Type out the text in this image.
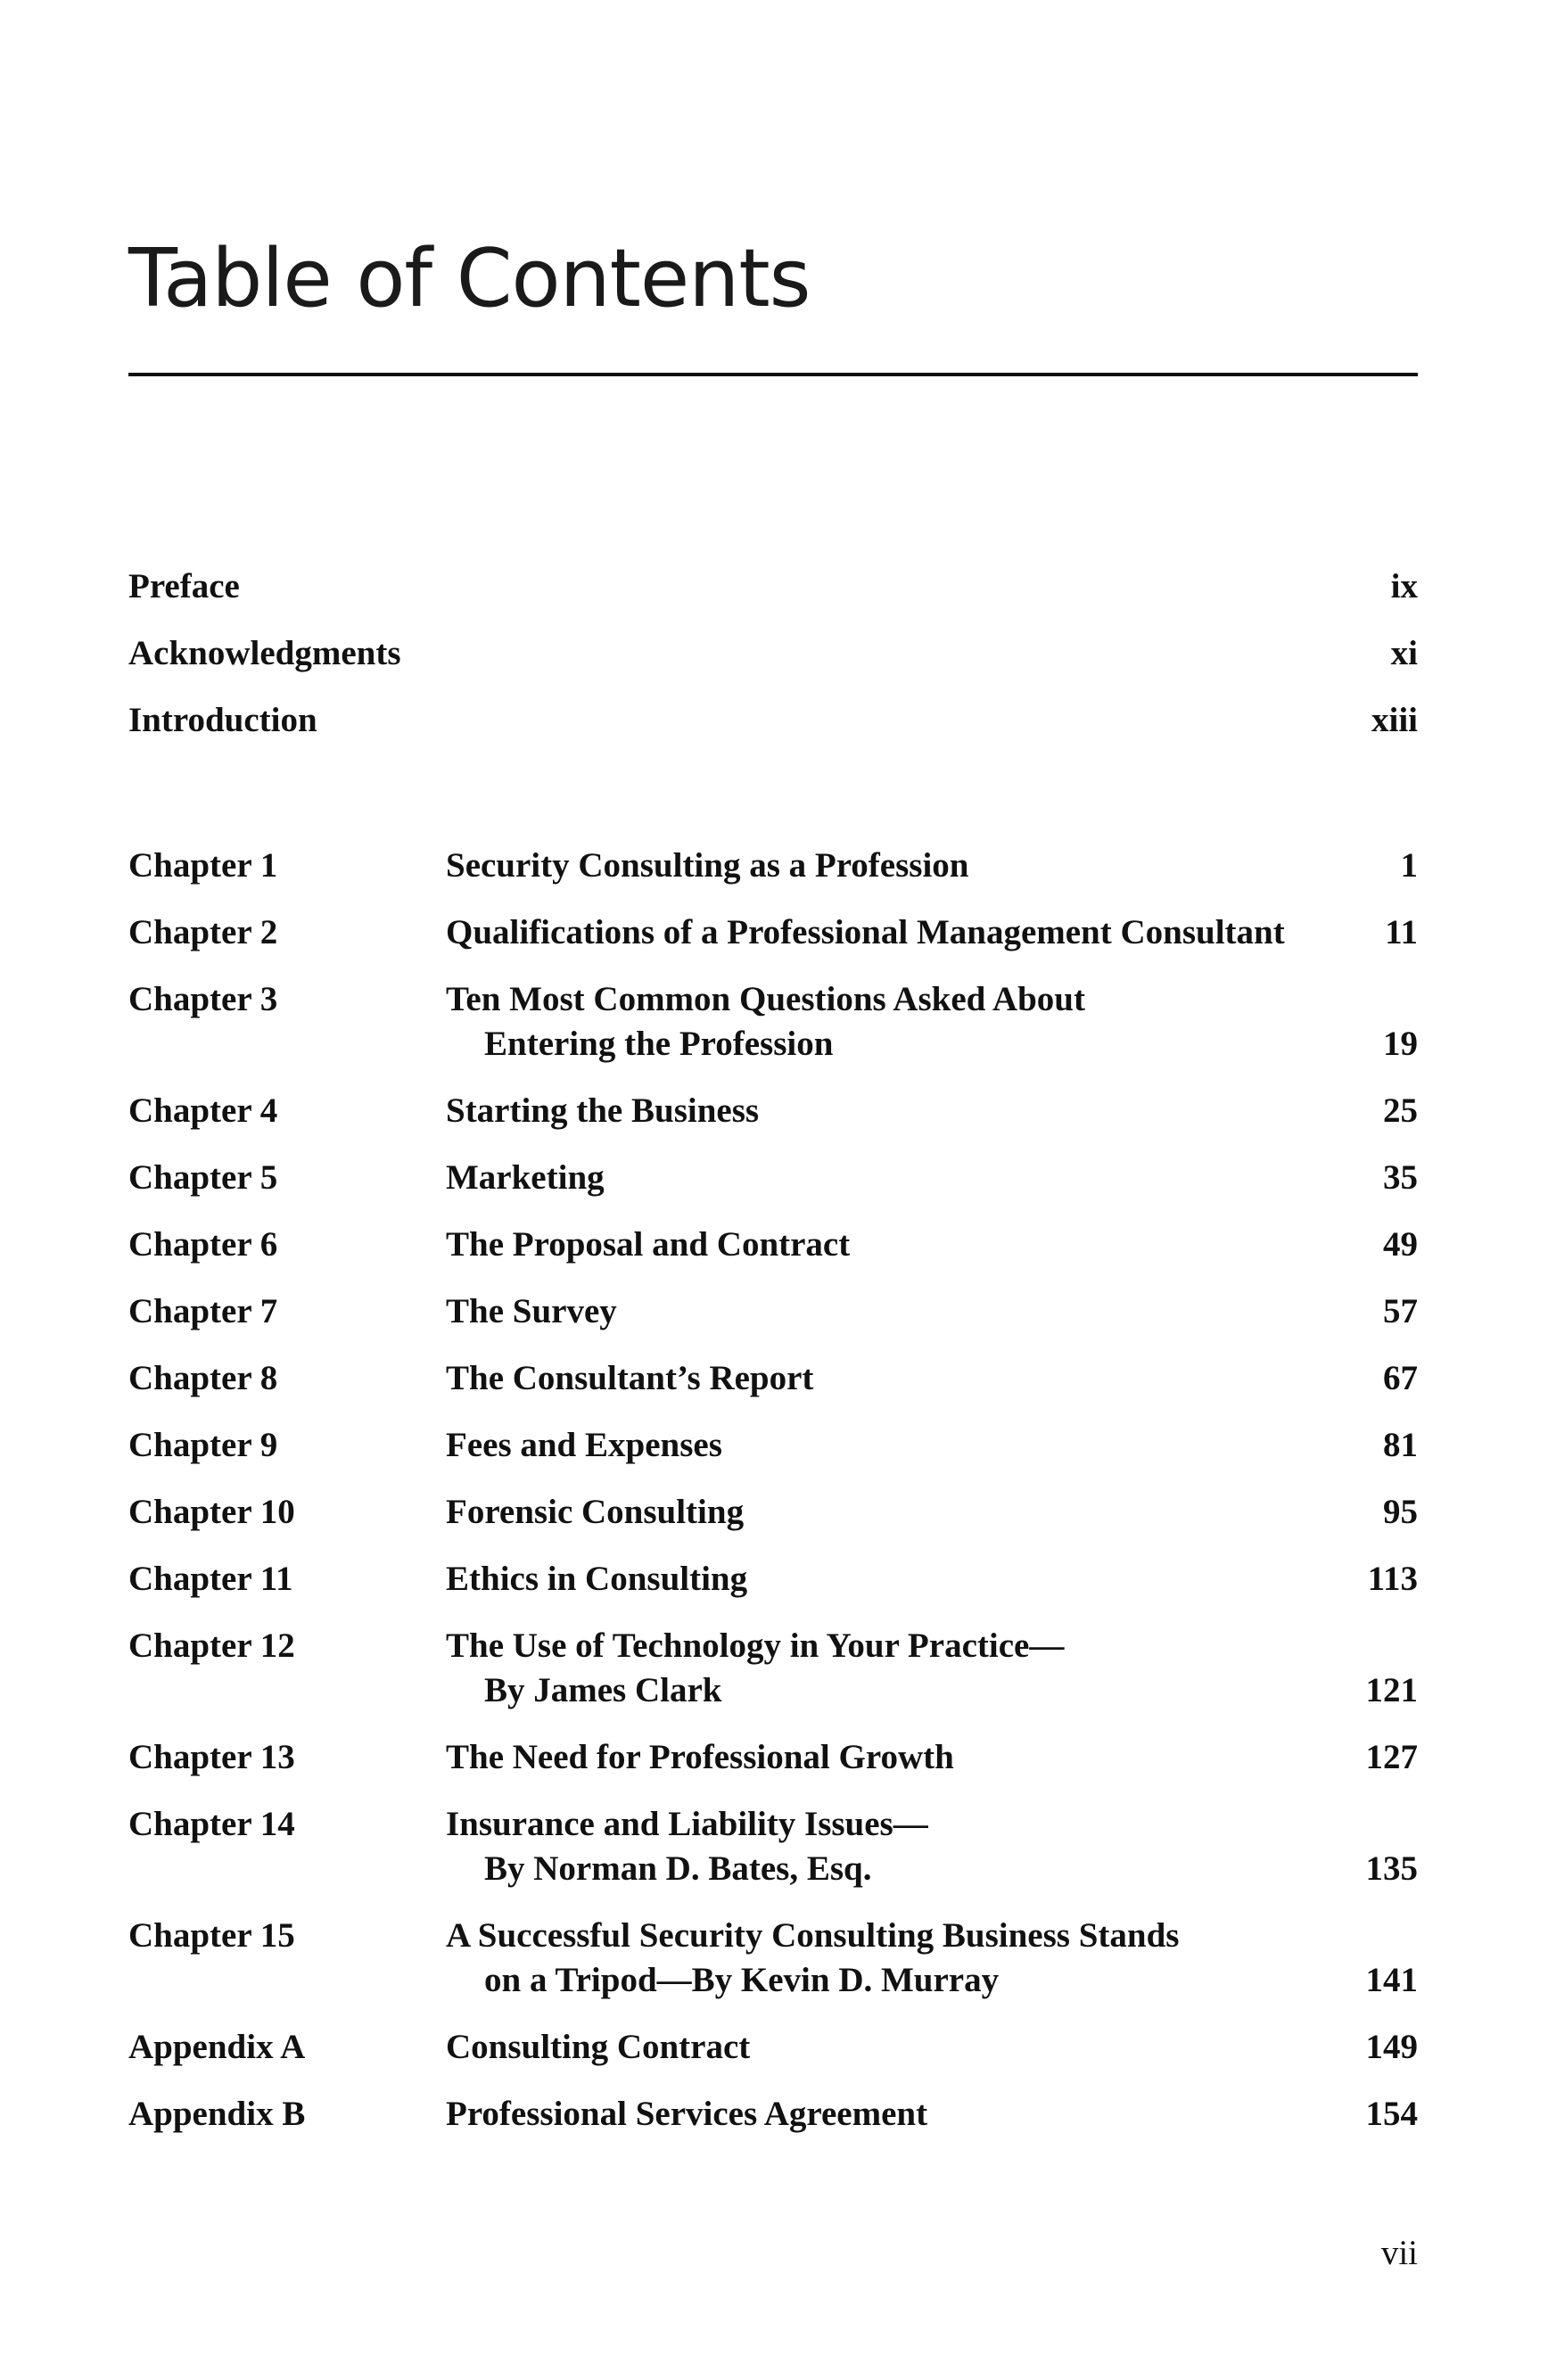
Table of Contents
Preface	ix
Acknowledgments	xi
Introduction	xiii
Chapter 1	Security Consulting as a Profession	1
Chapter 2	Qualifications of a Professional Management Consultant	11
Chapter 3	Ten Most Common Questions Asked About
Entering the Profession	19
Chapter 4	Starting the Business	25
Chapter 5	Marketing	35
Chapter 6	The Proposal and Contract	49
Chapter 7	The Survey	57
Chapter 8	The Consultant’s Report	67
Chapter 9	Fees and Expenses	81
Chapter 10	Forensic Consulting	95
Chapter 11	Ethics in Consulting	113
Chapter 12	The Use of Technology in Your Practice—
By James Clark	121
Chapter 13	The Need for Professional Growth	127
Chapter 14	Insurance and Liability Issues—
By Norman D. Bates, Esq.	135
Chapter 15	A Successful Security Consulting Business Stands
on a Tripod—By Kevin D. Murray	141
Appendix A	Consulting Contract	149
Appendix B	Professional Services Agreement	154
vii
